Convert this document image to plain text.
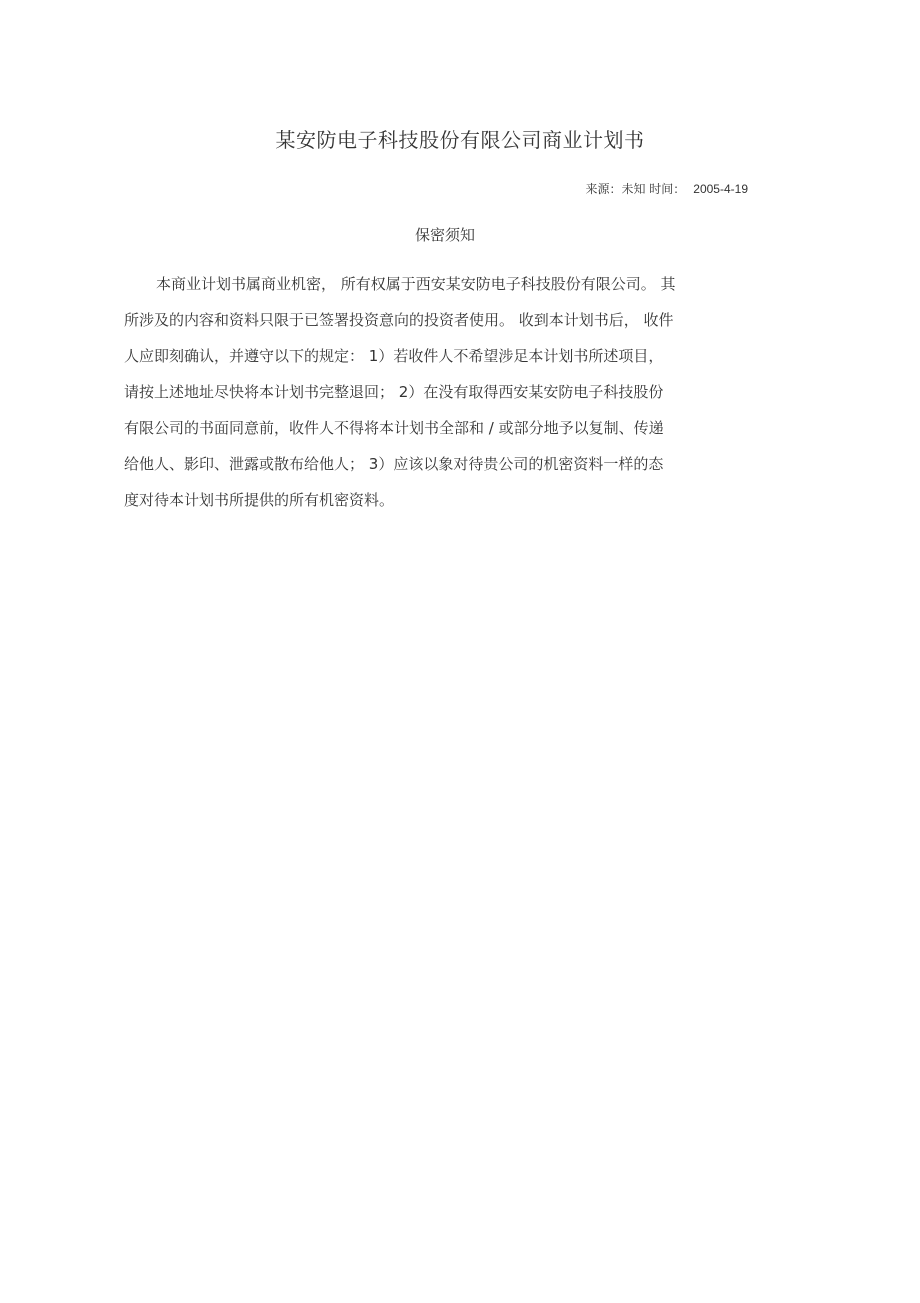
某安防电子科技股份有限公司商业计划书
来源：未知 时间： 2005-4-19
保密须知
本商业计划书属商业机密， 所有权属于西安某安防电子科技股份有限公司。 其
所涉及的内容和资料只限于已签署投资意向的投资者使用。 收到本计划书后， 收件
人应即刻确认，并遵守以下的规定： 1）若收件人不希望涉足本计划书所述项目，
请按上述地址尽快将本计划书完整退回； 2）在没有取得西安某安防电子科技股份
有限公司的书面同意前，收件人不得将本计划书全部和 / 或部分地予以复制、传递
给他人、影印、泄露或散布给他人； 3）应该以象对待贵公司的机密资料一样的态
度对待本计划书所提供的所有机密资料。
